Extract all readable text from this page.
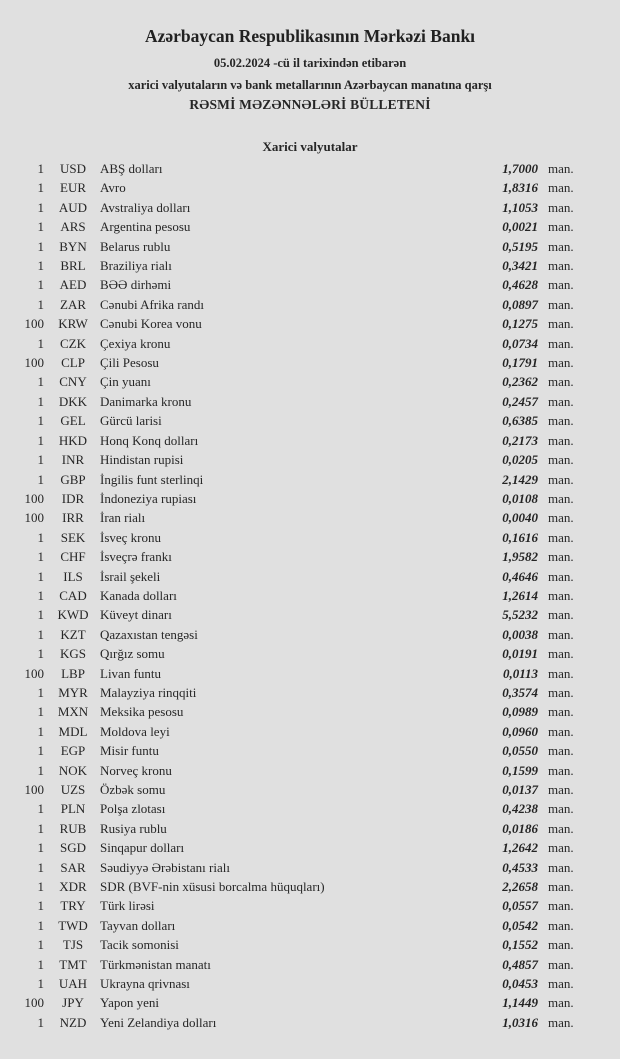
Azərbaycan Respublikasının Mərkəzi Bankı
05.02.2024 -cü il tarixindən etibarən
xarici valyutaların və bank metallarının Azərbaycan manatına qarşı
RƏSMİ MƏZƏNNƏLƏRİ BÜLLETENİ
Xarici valyutalar
1	USD	ABŞ dolları	1,7000 man.
1	EUR	Avro	1,8316 man.
1	AUD Avstraliya dolları	1,1053 man.
1	ARS	Argentina pesosu	0,0021 man.
1	BYN	Belarus rublu	0,5195 man.
1	BRL	Braziliya rialı	0,3421 man.
1	AED	BƏƏ dirhəmi	0,4628 man.
1	ZAR	Cənubi Afrika randı	0,0897 man.
100	KRW Cənubi Korea vonu	0,1275 man.
1	CZK	Çexiya kronu	0,0734 man.
100	CLP	Çili Pesosu	0,1791 man.
1	CNY	Çin yuanı	0,2362 man.
1	DKK Danimarka kronu	0,2457 man.
1	GEL	Gürcü larisi	0,6385 man.
1	HKD Honq Konq dolları	0,2173 man.
1	INR	Hindistan rupisi	0,0205 man.
1	GBP	İngilis funt sterlinqi	2,1429 man.
100	IDR	İndoneziya rupiası	0,0108 man.
100	IRR	İran rialı	0,0040 man.
1	SEK	İsveç kronu	0,1616 man.
1	CHF	İsveçrə frankı	1,9582 man.
1	ILS	İsrail şekeli	0,4646 man.
1	CAD	Kanada dolları	1,2614 man.
1	KWD Küveyt dinarı	5,5232 man.
1	KZT	Qazaxıstan tengəsi	0,0038 man.
1	KGS	Qırğız somu	0,0191 man.
100	LBP	Livan funtu	0,0113 man.
1	MYR Malayziya rinqqiti	0,3574 man.
1	MXN Meksika pesosu	0,0989 man.
1	MDL Moldova leyi	0,0960 man.
1	EGP	Misir funtu	0,0550 man.
1	NOK Norveç kronu	0,1599 man.
100	UZS	Özbək somu	0,0137 man.
1	PLN	Polşa zlotası	0,4238 man.
1	RUB	Rusiya rublu	0,0186 man.
1	SGD	Sinqapur dolları	1,2642 man.
1	SAR	Səudiyyə Ərəbistanı rialı	0,4533 man.
1	XDR	SDR (BVF-nin xüsusi borcalma hüquqları)	2,2658 man.
1	TRY	Türk lirəsi	0,0557 man.
1	TWD Tayvan dolları	0,0542 man.
1	TJS	Tacik somonisi	0,1552 man.
1	TMT	Türkmənistan manatı	0,4857 man.
1	UAH Ukrayna qrivnası	0,0453 man.
100	JPY	Yapon yeni	1,1449 man.
1	NZD	Yeni Zelandiya dolları	1,0316 man.
